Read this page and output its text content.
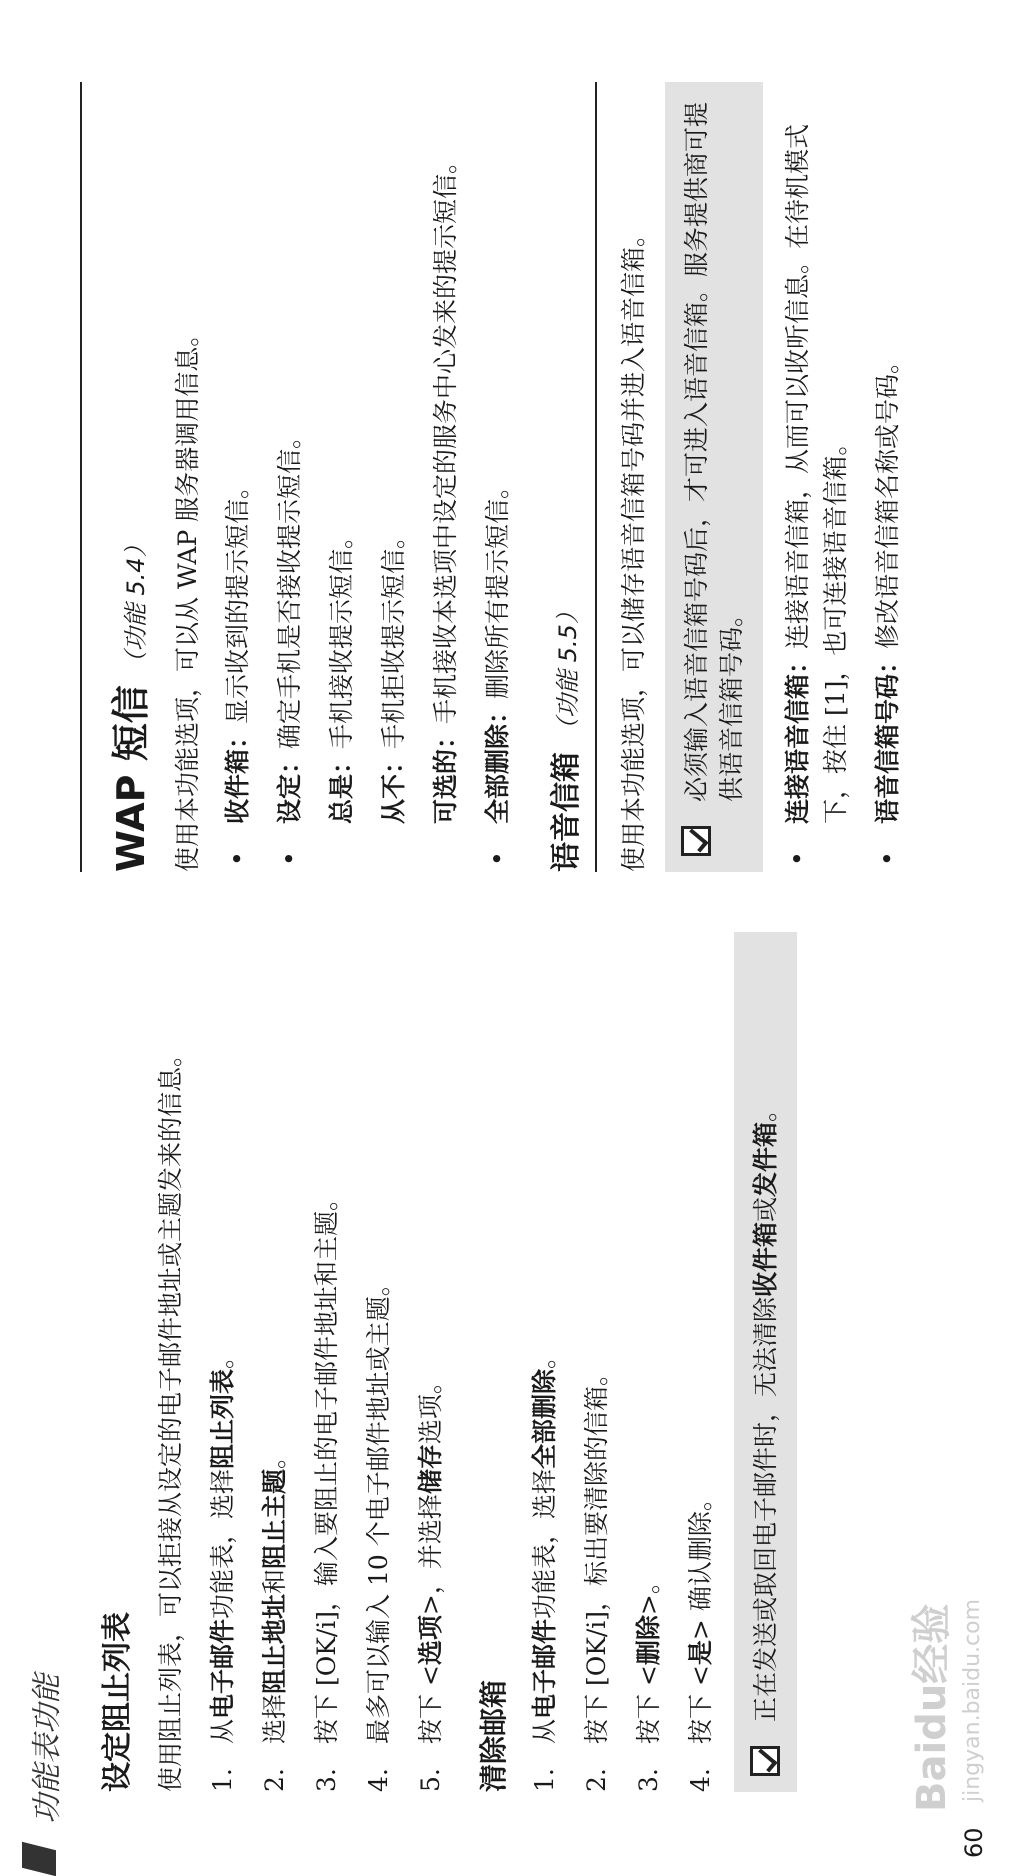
功能表功能 设定阻止列表 使用阻止列表，可以拒接从设定的电子邮件地址或主题发来的信息。 1.
从电子邮件功能表，选择阻止列表。
2.
选择阻止地址和阻止主题。
3.
按下 [OK/i]，输入要阻止的电子邮件地址和主题。
4.
最多可以输入 10 个电子邮件地址或主题。
5.
按下 <选项>，并选择储存选项。
清除邮箱 1.
从电子邮件功能表，选择全部删除。
2.
按下 [OK/i]，标出要清除的信箱。
3.
按下 <删除>。
4.
按下 <是> 确认删除。 正在发送或取回电子邮件时，无法清除收件箱或发件箱。

WAP 短信（功能 5.4） 使用本功能选项，可以从 WAP 服务器调用信息。 •
收件箱：显示收到的提示短信。
•
设定：确定手机是否接收提示短信。
总是：手机接收提示短信。
从不：手机拒收提示短信。
可选的：手机接收本选项中设定的服务中心发来的提示短信。
•
全部删除：删除所有提示短信。
语音信箱（功能 5.5） 使用本功能选项，可以储存语音信箱号码并进入语音信箱。 必须输入语音信箱号码后，才可进入语音信箱。服务提供商可提供语音信箱号码。

•
连接语音信箱：连接语音信箱，从而可以收听信息。在待机模式下，按住 [1]，也可连接语音信箱。
•
语音信箱号码：修改语音信箱名称或号码。
60
Baidu经验 jingyan.baidu.com
